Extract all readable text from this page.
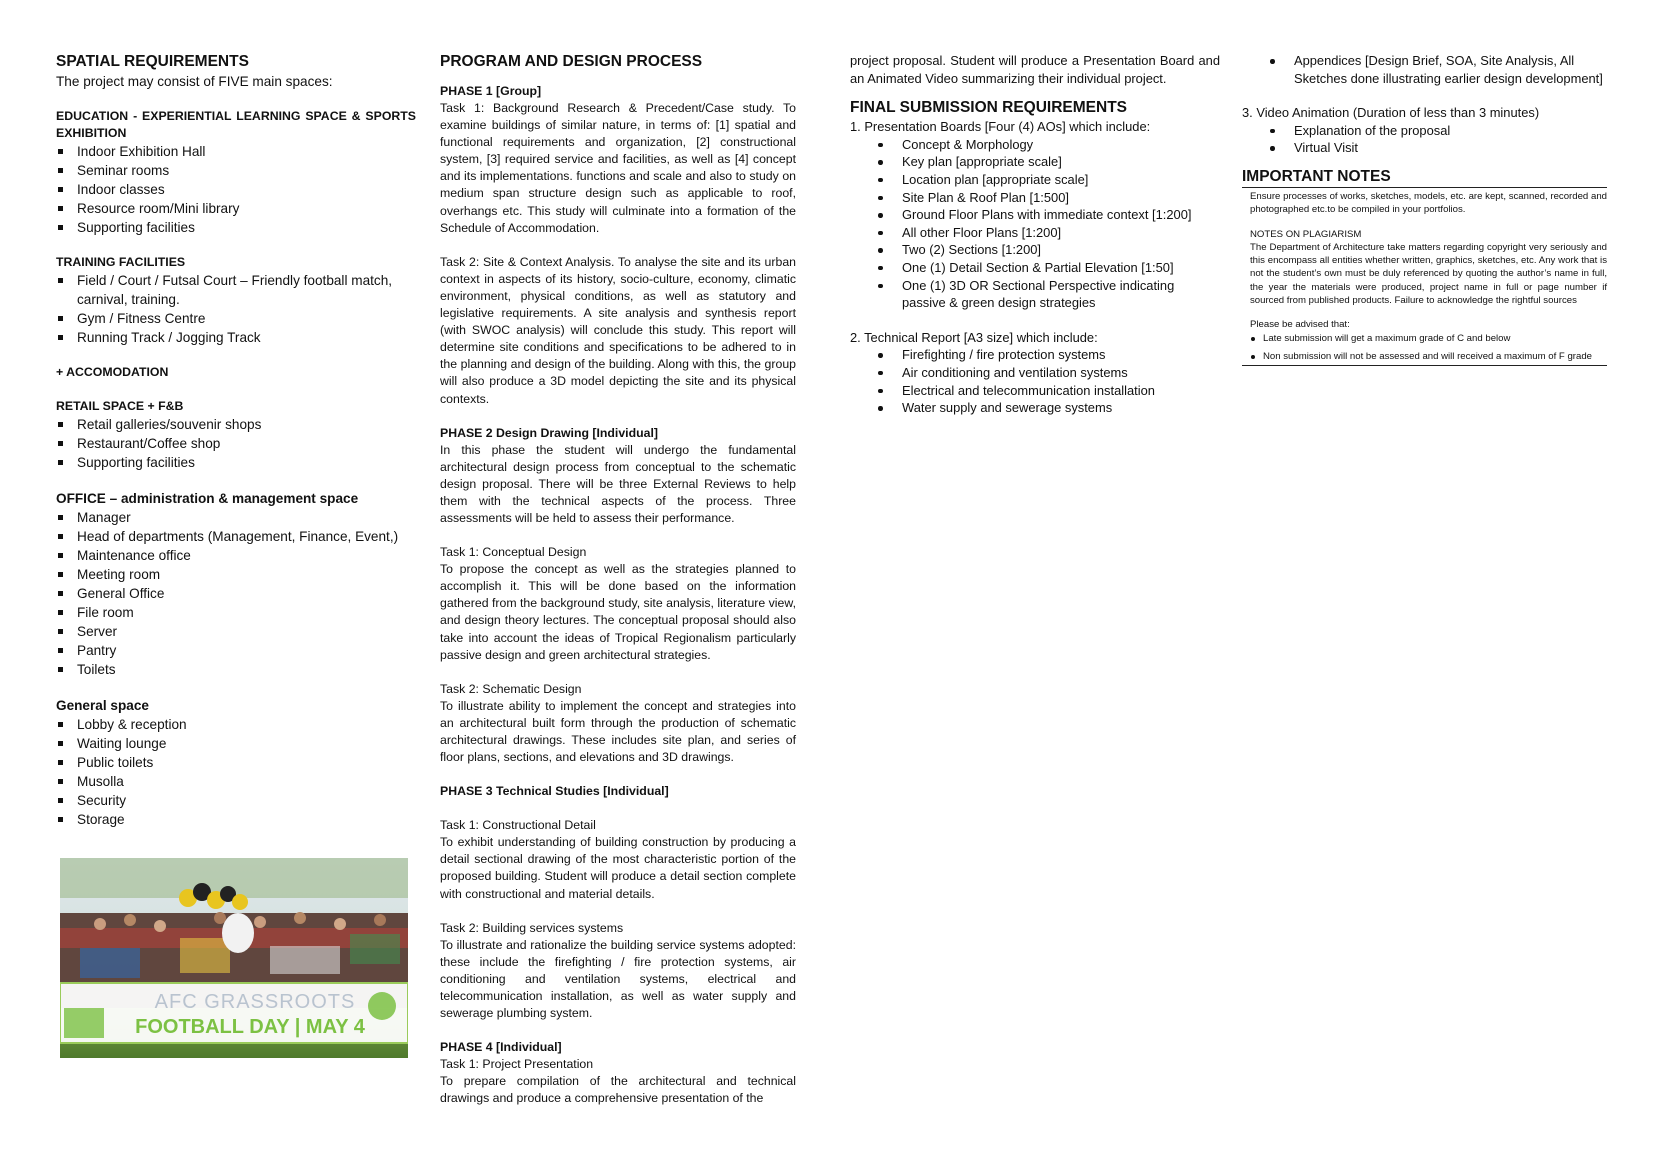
SPATIAL REQUIREMENTS
The project may consist of FIVE main spaces:
EDUCATION - EXPERIENTIAL LEARNING SPACE & SPORTS EXHIBITION
Indoor Exhibition Hall
Seminar rooms
Indoor classes
Resource room/Mini library
Supporting facilities
TRAINING FACILITIES
Field / Court / Futsal Court – Friendly football match, carnival, training.
Gym / Fitness Centre
Running Track / Jogging Track
+ ACCOMODATION
RETAIL SPACE + F&B
Retail galleries/souvenir shops
Restaurant/Coffee shop
Supporting facilities
OFFICE – administration & management space
Manager
Head of departments (Management, Finance, Event,)
Maintenance office
Meeting room
General Office
File room
Server
Pantry
Toilets
General space
Lobby & reception
Waiting lounge
Public toilets
Musolla
Security
Storage
AFC GRASSROOTS
FOOTBALL DAY | MAY 4
PROGRAM AND DESIGN PROCESS
PHASE 1 [Group]
Task 1: Background Research & Precedent/Case study. To examine buildings of similar nature, in terms of: [1] spatial and functional requirements and organization, [2] constructional system, [3] required service and facilities, as well as [4] concept and its implementations. functions and scale and also to study on medium span structure design such as applicable to roof, overhangs etc. This study will culminate into a formation of the Schedule of Accommodation.
Task 2: Site & Context Analysis. To analyse the site and its urban context in aspects of its history, socio-culture, economy, climatic environment, physical conditions, as well as statutory and legislative requirements. A site analysis and synthesis report (with SWOC analysis) will conclude this study. This report will determine site conditions and specifications to be adhered to in the planning and design of the building. Along with this, the group will also produce a 3D model depicting the site and its physical contexts.
PHASE 2 Design Drawing [Individual]
In this phase the student will undergo the fundamental architectural design process from conceptual to the schematic design proposal. There will be three External Reviews to help them with the technical aspects of the process. Three assessments will be held to assess their performance.
Task 1: Conceptual Design
To propose the concept as well as the strategies planned to accomplish it. This will be done based on the information gathered from the background study, site analysis, literature view, and design theory lectures. The conceptual proposal should also take into account the ideas of Tropical Regionalism particularly passive design and green architectural strategies.
Task 2: Schematic Design
To illustrate ability to implement the concept and strategies into an architectural built form through the production of schematic architectural drawings. These includes site plan, and series of floor plans, sections, and elevations and 3D drawings.
PHASE 3 Technical Studies [Individual]
Task 1: Constructional Detail
To exhibit understanding of building construction by producing a detail sectional drawing of the most characteristic portion of the proposed building. Student will produce a detail section complete with constructional and material details.
Task 2: Building services systems
To illustrate and rationalize the building service systems adopted: these include the firefighting / fire protection systems, air conditioning and ventilation systems, electrical and telecommunication installation, as well as water supply and sewerage plumbing system.
PHASE 4 [Individual]
Task 1: Project Presentation
To prepare compilation of the architectural and technical drawings and produce a comprehensive presentation of the
project proposal. Student will produce a Presentation Board and an Animated Video summarizing their individual project.
FINAL SUBMISSION REQUIREMENTS
1. Presentation Boards [Four (4) AOs] which include:
Concept & Morphology
Key plan [appropriate scale]
Location plan [appropriate scale]
Site Plan & Roof Plan [1:500]
Ground Floor Plans with immediate context [1:200]
All other Floor Plans [1:200]
Two (2) Sections [1:200]
One (1) Detail Section & Partial Elevation [1:50]
One (1) 3D OR Sectional Perspective indicating passive & green design strategies
2. Technical Report [A3 size] which include:
Firefighting / fire protection systems
Air conditioning and ventilation systems
Electrical and telecommunication installation
Water supply and sewerage systems
Appendices [Design Brief, SOA, Site Analysis, All Sketches done illustrating earlier design development]
3. Video Animation (Duration of less than 3 minutes)
Explanation of the proposal
Virtual Visit
IMPORTANT NOTES
Ensure processes of works, sketches, models, etc. are kept, scanned, recorded and photographed etc.to be compiled in your portfolios.
NOTES ON PLAGIARISM
The Department of Architecture take matters regarding copyright very seriously and this encompass all entities whether written, graphics, sketches, etc. Any work that is not the student’s own must be duly referenced by quoting the author’s name in full, the year the materials were produced, project name in full or page number if sourced from published products. Failure to acknowledge the rightful sources
Please be advised that:
Late submission will get a maximum grade of C and below
Non submission will not be assessed and will received a maximum of F grade
